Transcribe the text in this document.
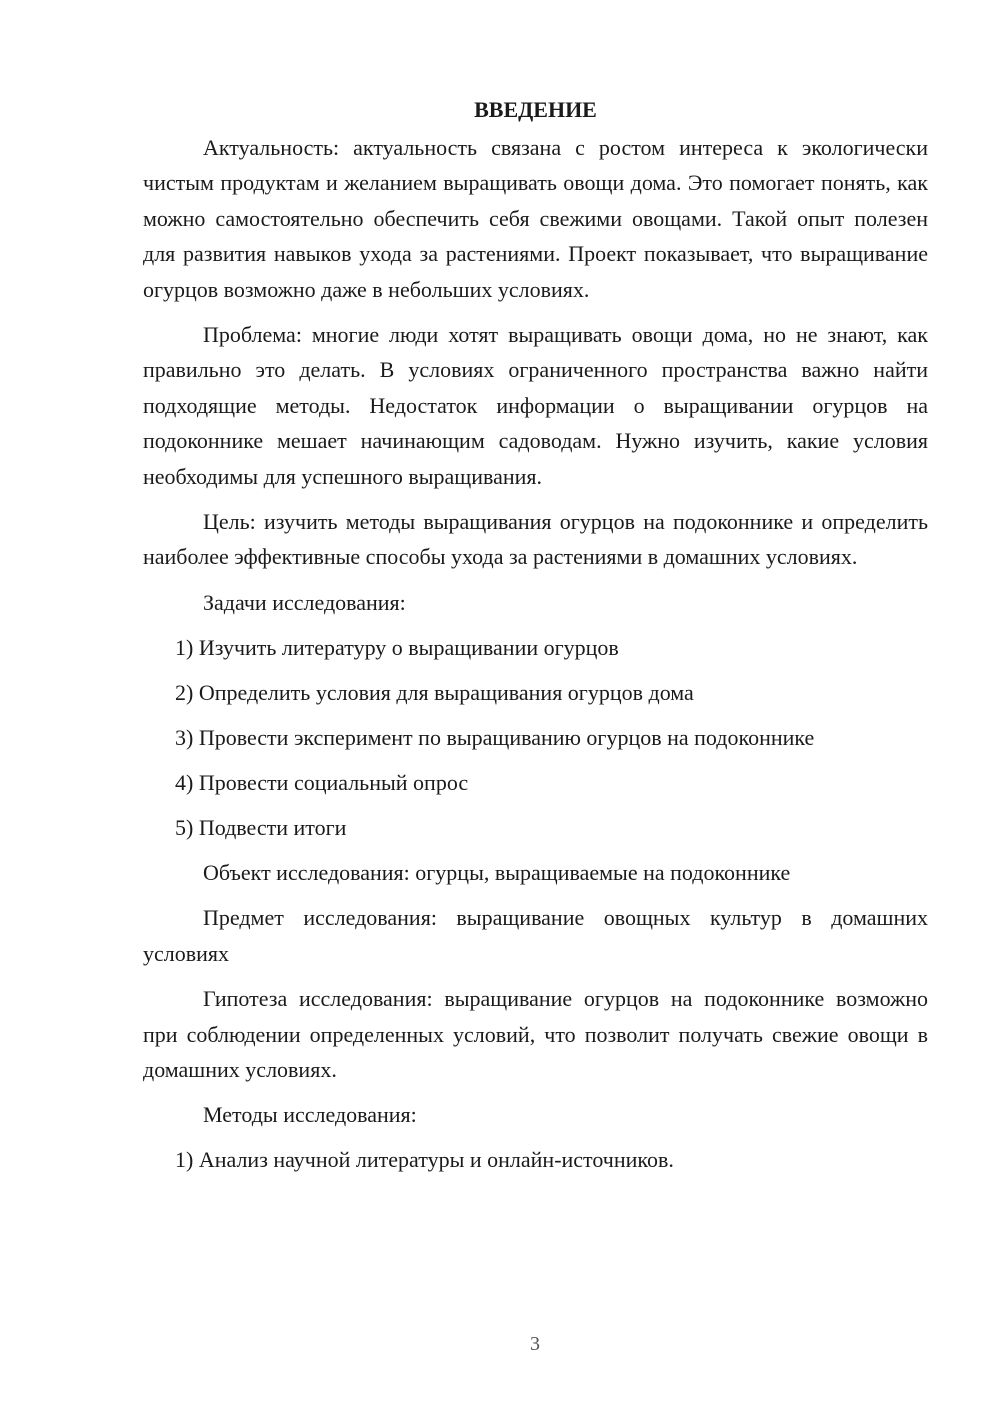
ВВЕДЕНИЕ

Актуальность: актуальность связана с ростом интереса к экологически чистым продуктам и желанием выращивать овощи дома. Это помогает понять, как можно самостоятельно обеспечить себя свежими овощами. Такой опыт полезен для развития навыков ухода за растениями. Проект показывает, что выращивание огурцов возможно даже в небольших условиях.

Проблема: многие люди хотят выращивать овощи дома, но не знают, как правильно это делать. В условиях ограниченного пространства важно найти подходящие методы. Недостаток информации о выращивании огурцов на подоконнике мешает начинающим садоводам. Нужно изучить, какие условия необходимы для успешного выращивания.

Цель: изучить методы выращивания огурцов на подоконнике и определить наиболее эффективные способы ухода за растениями в домашних условиях.

Задачи исследования:
1) Изучить литературу о выращивании огурцов
2) Определить условия для выращивания огурцов дома
3) Провести эксперимент по выращиванию огурцов на подоконнике
4) Провести социальный опрос
5) Подвести итоги

Объект исследования: огурцы, выращиваемые на подоконнике

Предмет исследования: выращивание овощных культур в домашних условиях

Гипотеза исследования: выращивание огурцов на подоконнике возможно при соблюдении определенных условий, что позволит получать свежие овощи в домашних условиях.

Методы исследования:
1) Анализ научной литературы и онлайн-источников.
3
